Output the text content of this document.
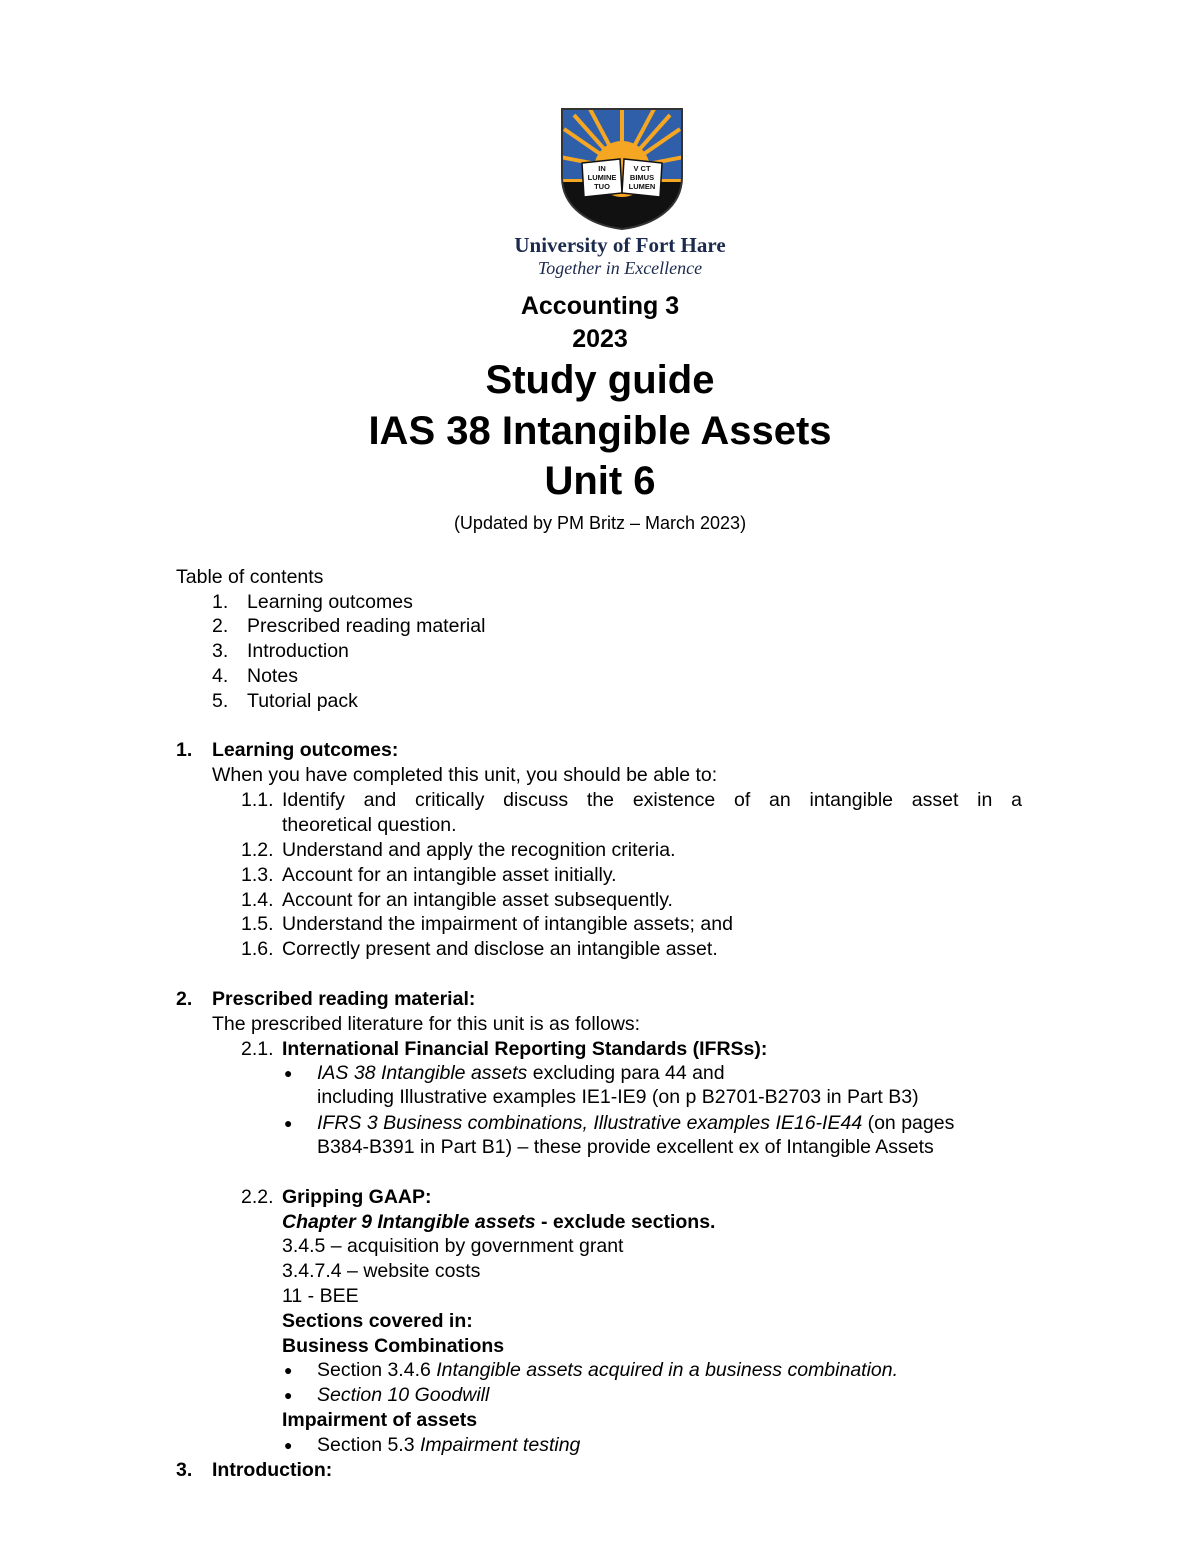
IN
LUMINE
TUO
V CT
BIMUS
LUMEN
University of Fort Hare
Together in Excellence
Accounting 3
2023
Study guide
IAS 38 Intangible Assets
Unit 6
(Updated by PM Britz – March 2023)
Table of contents
1. Learning outcomes
2. Prescribed reading material
3. Introduction
4. Notes
5. Tutorial pack
1. Learning outcomes:
When you have completed this unit, you should be able to:
1.1. Identify and critically discuss the existence of an intangible asset in a
theoretical question.
1.2. Understand and apply the recognition criteria.
1.3. Account for an intangible asset initially.
1.4. Account for an intangible asset subsequently.
1.5. Understand the impairment of intangible assets; and
1.6. Correctly present and disclose an intangible asset.
2. Prescribed reading material:
The prescribed literature for this unit is as follows:
2.1. International Financial Reporting Standards (IFRSs):
● IAS 38 Intangible assets excluding para 44 and
including Illustrative examples IE1-IE9 (on p B2701-B2703 in Part B3)
● IFRS 3 Business combinations, Illustrative examples IE16-IE44 (on pages
B384-B391 in Part B1) – these provide excellent ex of Intangible Assets
2.2. Gripping GAAP:
Chapter 9 Intangible assets - exclude sections.
3.4.5 – acquisition by government grant
3.4.7.4 – website costs
11 - BEE
Sections covered in:
Business Combinations
● Section 3.4.6 Intangible assets acquired in a business combination.
● Section 10 Goodwill
Impairment of assets
● Section 5.3 Impairment testing
3. Introduction:
